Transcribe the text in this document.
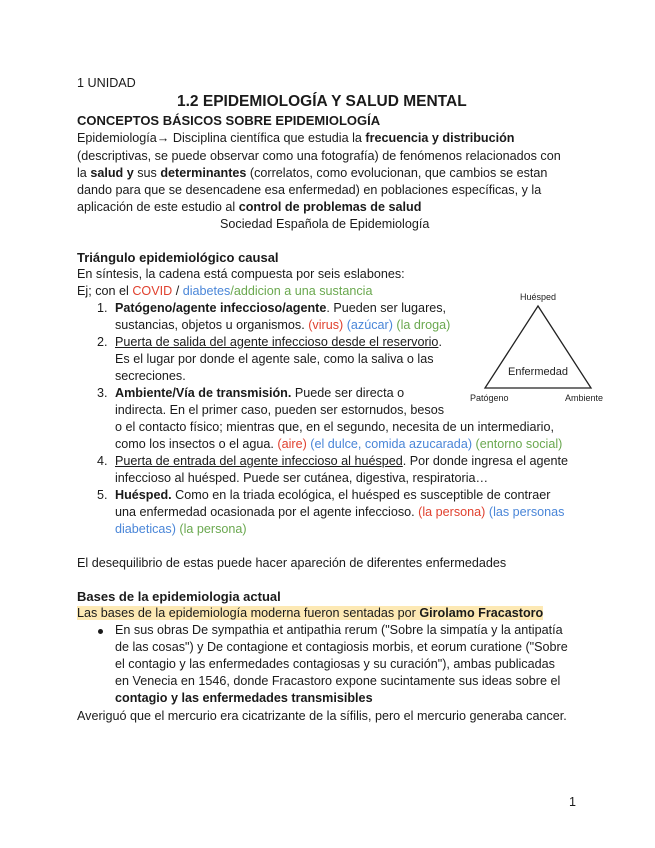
1 UNIDAD
1.2 EPIDEMIOLOGÍA Y SALUD MENTAL
CONCEPTOS BÁSICOS SOBRE EPIDEMIOLOGÍA
Epidemiología→ Disciplina científica que estudia la frecuencia y distribución
(descriptivas, se puede observar como una fotografía) de fenómenos relacionados con
la salud y sus determinantes (correlatos, como evolucionan, que cambios se estan
dando para que se desencadene esa enfermedad) en poblaciones específicas, y la
aplicación de este estudio al control de problemas de salud
Sociedad Española de Epidemiología
Triángulo epidemiológico causal
En síntesis, la cadena está compuesta por seis eslabones:
Ej; con el COVID / diabetes/addicion a una sustancia
1. Patógeno/agente infeccioso/agente. Pueden ser lugares,
sustancias, objetos u organismos. (virus) (azúcar) (la droga)
2. Puerta de salida del agente infeccioso desde el reservorio.
Es el lugar por donde el agente sale, como la saliva o las
secreciones.
3. Ambiente/Vía de transmisión. Puede ser directa o
indirecta. En el primer caso, pueden ser estornudos, besos
o el contacto físico; mientras que, en el segundo, necesita de un intermediario,
como los insectos o el agua. (aire) (el dulce, comida azucarada) (entorno social)
4. Puerta de entrada del agente infeccioso al huésped. Por donde ingresa el agente
infeccioso al huésped. Puede ser cutánea, digestiva, respiratoria…
5. Huésped. Como en la triada ecológica, el huésped es susceptible de contraer
una enfermedad ocasionada por el agente infeccioso. (la persona) (las personas
diabeticas) (la persona)
Huésped
Enfermedad
Patógeno	Ambiente
El desequilibrio de estas puede hacer apareción de diferentes enfermedades
Bases de la epidemiologia actual
Las bases de la epidemiología moderna fueron sentadas por Girolamo Fracastoro
En sus obras De sympathia et antipathia rerum ("Sobre la simpatía y la antipatía
de las cosas") y De contagione et contagiosis morbis, et eorum curatione ("Sobre
el contagio y las enfermedades contagiosas y su curación"), ambas publicadas
en Venecia en 1546, donde Fracastoro expone sucintamente sus ideas sobre el
contagio y las enfermedades transmisibles
Averiguó que el mercurio era cicatrizante de la sífilis, pero el mercurio generaba cancer.
1
